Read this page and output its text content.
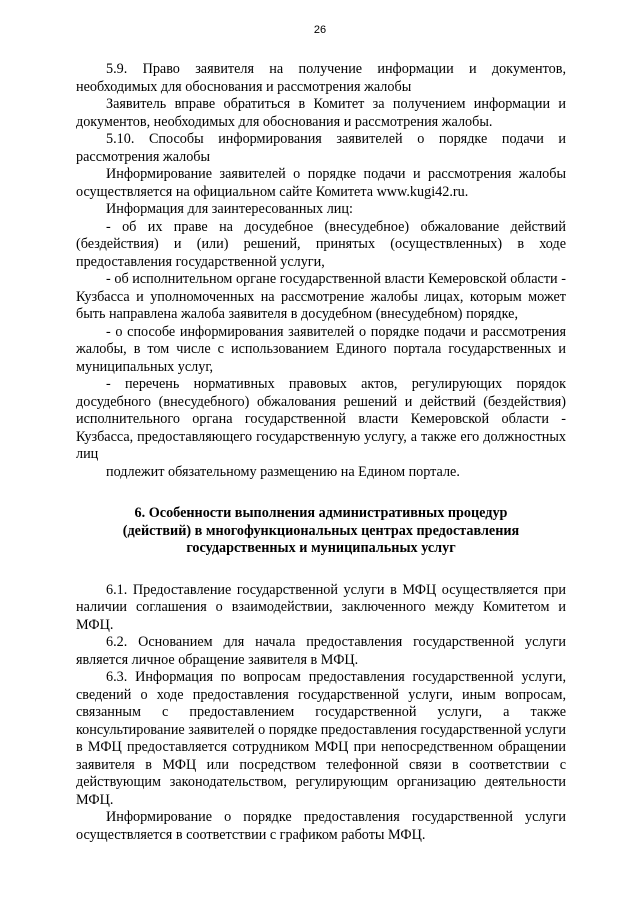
26

5.9. Право заявителя на получение информации и документов, необходимых для обоснования и рассмотрения жалобы

Заявитель вправе обратиться в Комитет за получением информации и документов, необходимых для обоснования и рассмотрения жалобы.

5.10. Способы информирования заявителей о порядке подачи и рассмотрения жалобы

Информирование заявителей о порядке подачи и рассмотрения жалобы осуществляется на официальном сайте Комитета www.kugi42.ru.

Информация для заинтересованных лиц:

- об их праве на досудебное (внесудебное) обжалование действий (бездействия) и (или) решений, принятых (осуществленных) в ходе предоставления государственной услуги,

- об исполнительном органе государственной власти Кемеровской области - Кузбасса и уполномоченных на рассмотрение жалобы лицах, которым может быть направлена жалоба заявителя в досудебном (внесудебном) порядке,

- о способе информирования заявителей о порядке подачи и рассмотрения жалобы, в том числе с использованием Единого портала государственных и муниципальных услуг,

- перечень нормативных правовых актов, регулирующих порядок досудебного (внесудебного) обжалования решений и действий (бездействия) исполнительного органа государственной власти Кемеровской области - Кузбасса, предоставляющего государственную услугу, а также его должностных лиц

подлежит обязательному размещению на Едином портале.

6. Особенности выполнения административных процедур
(действий) в многофункциональных центрах предоставления
государственных и муниципальных услуг

6.1. Предоставление государственной услуги в МФЦ осуществляется при наличии соглашения о взаимодействии, заключенного между Комитетом и МФЦ.

6.2. Основанием для начала предоставления государственной услуги является личное обращение заявителя в МФЦ.

6.3. Информация по вопросам предоставления государственной услуги, сведений о ходе предоставления государственной услуги, иным вопросам, связанным с предоставлением государственной услуги, а также консультирование заявителей о порядке предоставления государственной услуги в МФЦ предоставляется сотрудником МФЦ при непосредственном обращении заявителя в МФЦ или посредством телефонной связи в соответствии с действующим законодательством, регулирующим организацию деятельности МФЦ.

Информирование о порядке предоставления государственной услуги осуществляется в соответствии с графиком работы МФЦ.
